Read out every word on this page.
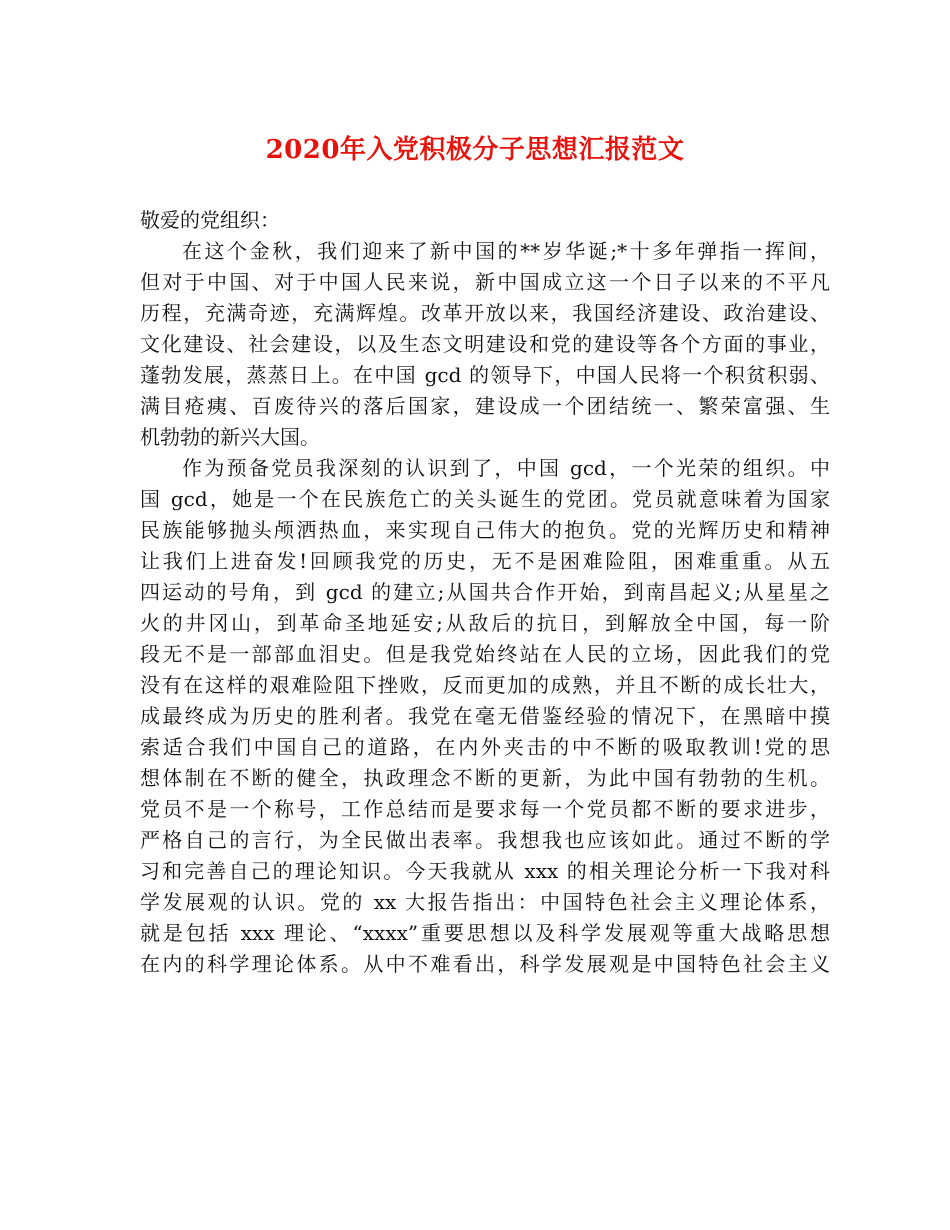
2020年入党积极分子思想汇报范文
敬爱的党组织：

在这个金秋，我们迎来了新中国的**岁华诞;*十多年弹指一挥间，
但对于中国、对于中国人民来说，新中国成立这一个日子以来的不平凡
历程，充满奇迹，充满辉煌。改革开放以来，我国经济建设、政治建设、
文化建设、社会建设，以及生态文明建设和党的建设等各个方面的事业，
蓬勃发展，蒸蒸日上。在中国 gcd 的领导下，中国人民将一个积贫积弱、
满目疮痍、百废待兴的落后国家，建设成一个团结统一、繁荣富强、生
机勃勃的新兴大国。

作为预备党员我深刻的认识到了，中国 gcd，一个光荣的组织。中
国 gcd，她是一个在民族危亡的关头诞生的党团。党员就意味着为国家
民族能够抛头颅洒热血，来实现自己伟大的抱负。党的光辉历史和精神
让我们上进奋发!回顾我党的历史，无不是困难险阻，困难重重。从五
四运动的号角，到 gcd 的建立;从国共合作开始，到南昌起义;从星星之
火的井冈山，到革命圣地延安;从敌后的抗日，到解放全中国，每一阶
段无不是一部部血泪史。但是我党始终站在人民的立场，因此我们的党
没有在这样的艰难险阻下挫败，反而更加的成熟，并且不断的成长壮大，
成最终成为历史的胜利者。我党在毫无借鉴经验的情况下，在黑暗中摸
索适合我们中国自己的道路，在内外夹击的中不断的吸取教训!党的思
想体制在不断的健全，执政理念不断的更新，为此中国有勃勃的生机。
党员不是一个称号，工作总结而是要求每一个党员都不断的要求进步，
严格自己的言行，为全民做出表率。我想我也应该如此。通过不断的学
习和完善自己的理论知识。今天我就从 xxx 的相关理论分析一下我对科
学发展观的认识。党的 xx 大报告指出：中国特色社会主义理论体系，
就是包括 xxx 理论、“xxxx”重要思想以及科学发展观等重大战略思想
在内的科学理论体系。从中不难看出，科学发展观是中国特色社会主义
